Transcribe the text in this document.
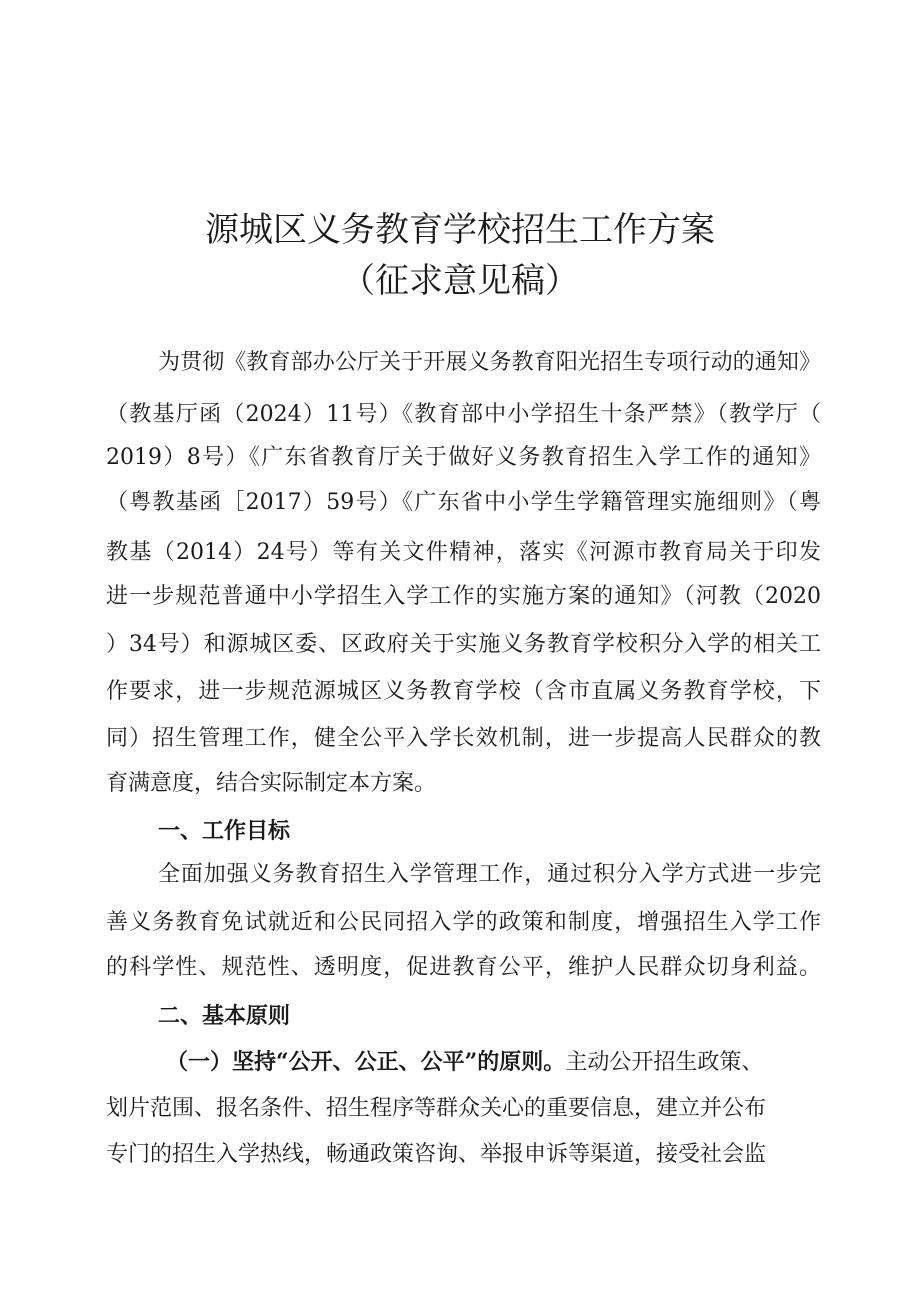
源城区义务教育学校招生工作方案
（征求意见稿）
为贯彻《教育部办公厅关于开展义务教育阳光招生专项行动的通知》
（教基厅函（2024）11号）《教育部中小学招生十条严禁》（教学厅（
2019）8号）《广东省教育厅关于做好义务教育招生入学工作的通知》
（粤教基函［2017）59号）《广东省中小学生学籍管理实施细则》（粤
教基（2014）24号）等有关文件精神，落实《河源市教育局关于印发
进一步规范普通中小学招生入学工作的实施方案的通知》（河教（2020
）34号）和源城区委、区政府关于实施义务教育学校积分入学的相关工
作要求，进一步规范源城区义务教育学校（含市直属义务教育学校，下
同）招生管理工作，健全公平入学长效机制，进一步提高人民群众的教
育满意度，结合实际制定本方案。
一、工作目标
全面加强义务教育招生入学管理工作，通过积分入学方式进一步完
善义务教育免试就近和公民同招入学的政策和制度，增强招生入学工作
的科学性、规范性、透明度，促进教育公平，维护人民群众切身利益。
二、基本原则
（一）坚持“公开、公正、公平”的原则。主动公开招生政策、
划片范围、报名条件、招生程序等群众关心的重要信息，建立并公布
专门的招生入学热线，畅通政策咨询、举报申诉等渠道，接受社会监
